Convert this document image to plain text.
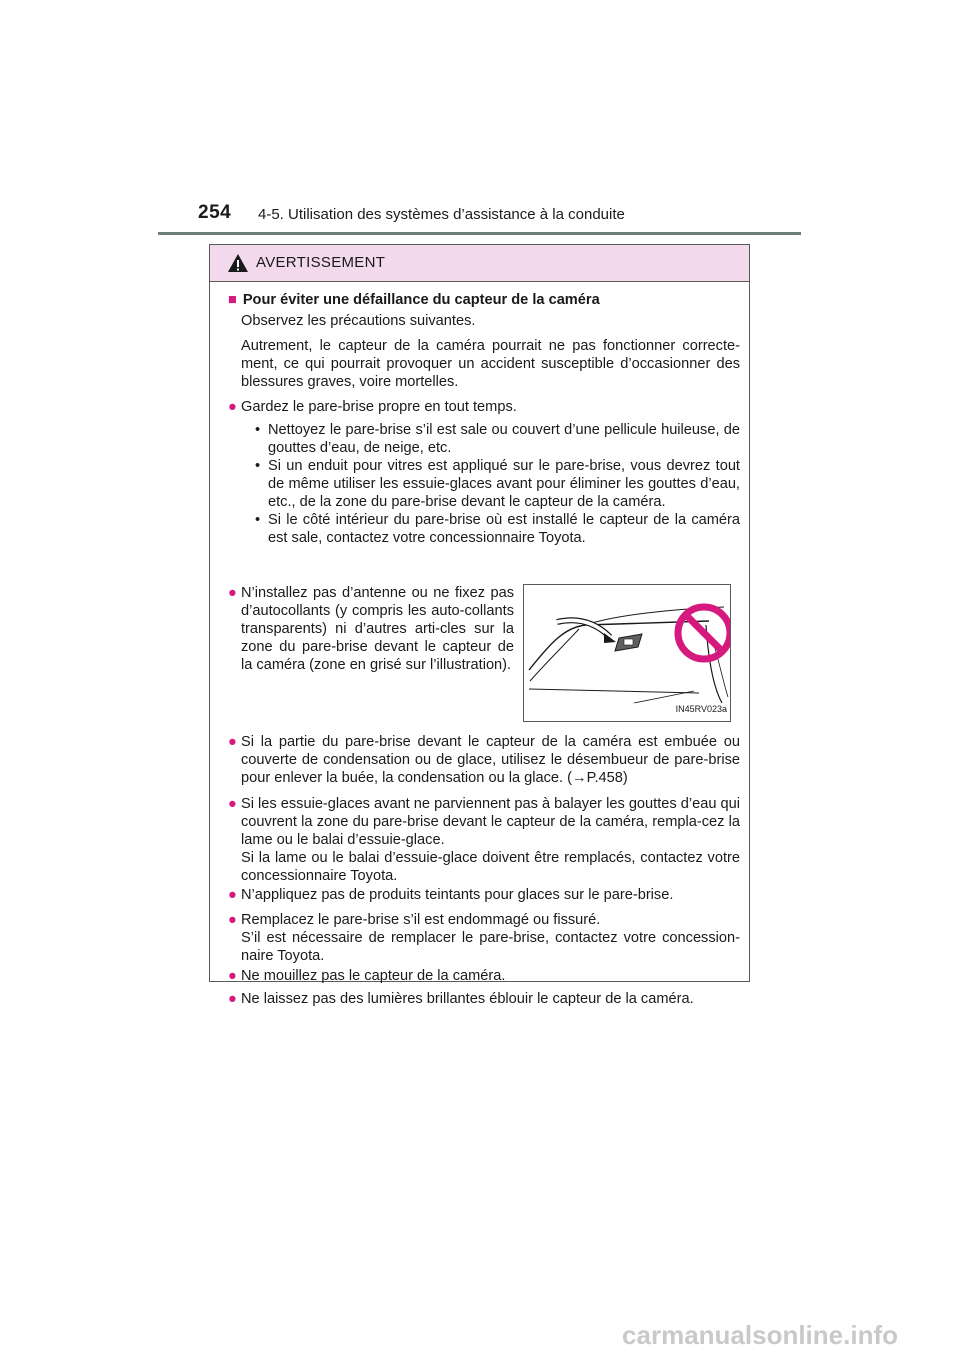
254 4-5. Utilisation des systèmes d’assistance à la conduite
AVERTISSEMENT
■ Pour éviter une défaillance du capteur de la caméra

Observez les précautions suivantes.

Autrement, le capteur de la caméra pourrait ne pas fonctionner correcte-ment, ce qui pourrait provoquer un accident susceptible d’occasionner des blessures graves, voire mortelles.

● Gardez le pare-brise propre en tout temps.
• Nettoyez le pare-brise s’il est sale ou couvert d’une pellicule huileuse, de gouttes d’eau, de neige, etc.
• Si un enduit pour vitres est appliqué sur le pare-brise, vous devrez tout de même utiliser les essuie-glaces avant pour éliminer les gouttes d’eau, etc., de la zone du pare-brise devant le capteur de la caméra.
• Si le côté intérieur du pare-brise où est installé le capteur de la caméra est sale, contactez votre concessionnaire Toyota.
● N’installez pas d’antenne ou ne fixez pas d’autocollants (y compris les auto-collants transparents) ni d’autres arti-cles sur la zone du pare-brise devant le capteur de la caméra (zone en grisé sur l’illustration).
IN45RV023a
● Si la partie du pare-brise devant le capteur de la caméra est embuée ou couverte de condensation ou de glace, utilisez le désembueur de pare-brise pour enlever la buée, la condensation ou la glace. (→P.458)
● Si les essuie-glaces avant ne parviennent pas à balayer les gouttes d’eau qui couvrent la zone du pare-brise devant le capteur de la caméra, rempla-cez la lame ou le balai d’essuie-glace.
Si la lame ou le balai d’essuie-glace doivent être remplacés, contactez votre concessionnaire Toyota.
● N’appliquez pas de produits teintants pour glaces sur le pare-brise.
● Remplacez le pare-brise s’il est endommagé ou fissuré.
S’il est nécessaire de remplacer le pare-brise, contactez votre concession-naire Toyota.
● Ne mouillez pas le capteur de la caméra.
● Ne laissez pas des lumières brillantes éblouir le capteur de la caméra.
carmanualsonline.info
